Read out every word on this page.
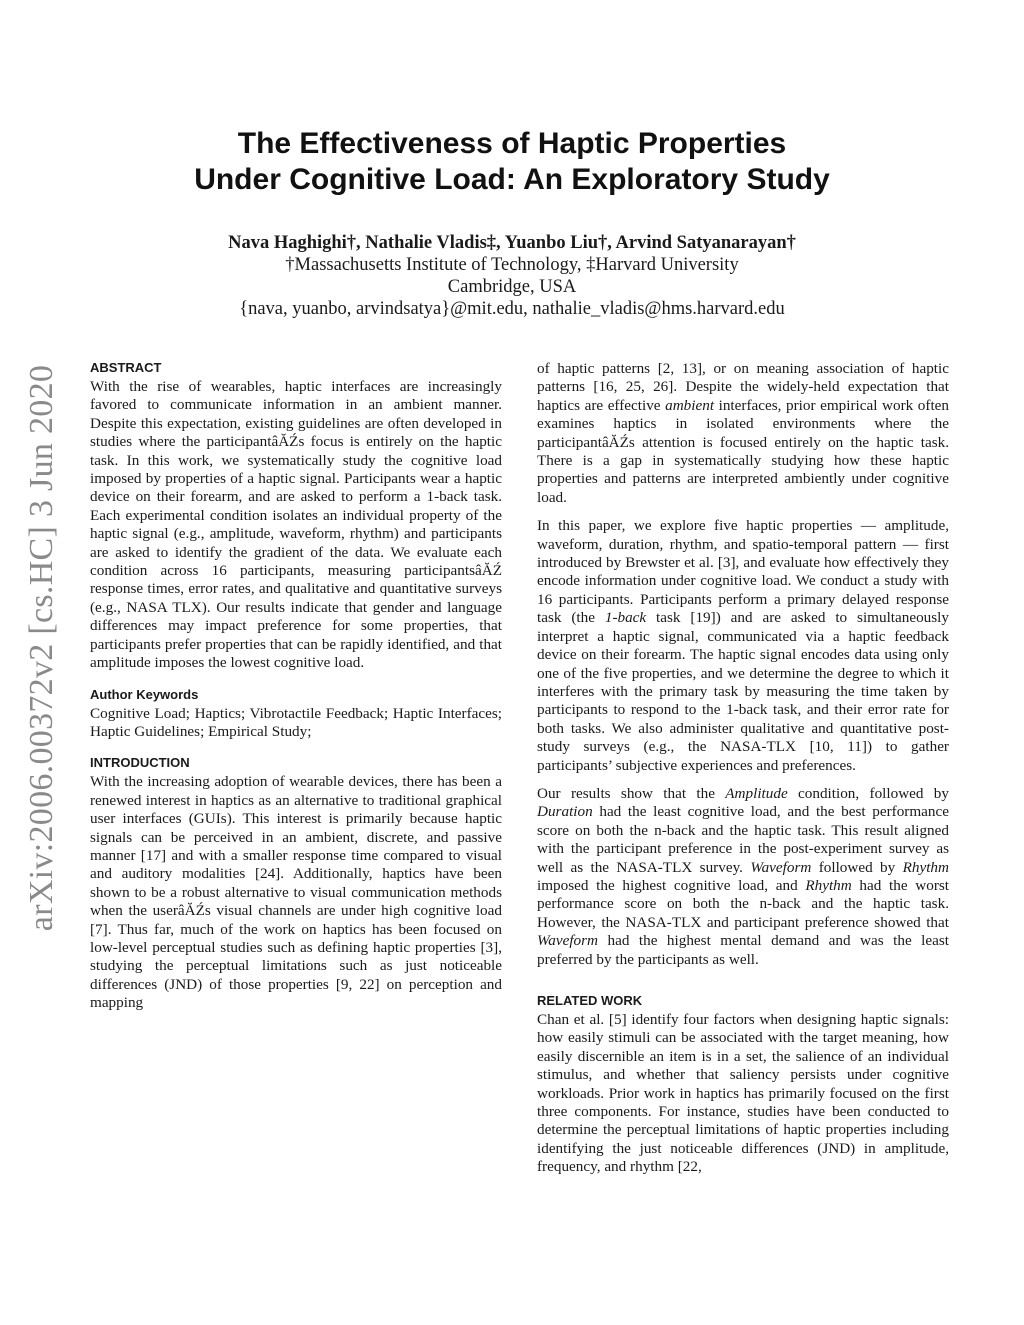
arXiv:2006.00372v2 [cs.HC] 3 Jun 2020
The Effectiveness of Haptic Properties
Under Cognitive Load: An Exploratory Study
Nava Haghighi†, Nathalie Vladis‡, Yuanbo Liu†, Arvind Satyanarayan†
†Massachusetts Institute of Technology, ‡Harvard University
Cambridge, USA
{nava, yuanbo, arvindsatya}@mit.edu, nathalie_vladis@hms.harvard.edu
ABSTRACT

With the rise of wearables, haptic interfaces are increasingly favored to communicate information in an ambient manner. Despite this expectation, existing guidelines are often developed in studies where the participantâĂŹs focus is entirely on the haptic task. In this work, we systematically study the cognitive load imposed by properties of a haptic signal. Participants wear a haptic device on their forearm, and are asked to perform a 1-back task. Each experimental condition isolates an individual property of the haptic signal (e.g., amplitude, waveform, rhythm) and participants are asked to identify the gradient of the data. We evaluate each condition across 16 participants, measuring participantsâĂŹ response times, error rates, and qualitative and quantitative surveys (e.g., NASA TLX). Our results indicate that gender and language differences may impact preference for some properties, that participants prefer properties that can be rapidly identified, and that amplitude imposes the lowest cognitive load.

Author Keywords

Cognitive Load; Haptics; Vibrotactile Feedback; Haptic Interfaces; Haptic Guidelines; Empirical Study;

INTRODUCTION

With the increasing adoption of wearable devices, there has been a renewed interest in haptics as an alternative to traditional graphical user interfaces (GUIs). This interest is primarily because haptic signals can be perceived in an ambient, discrete, and passive manner [17] and with a smaller response time compared to visual and auditory modalities [24]. Additionally, haptics have been shown to be a robust alternative to visual communication methods when the userâĂŹs visual channels are under high cognitive load [7]. Thus far, much of the work on haptics has been focused on low-level perceptual studies such as defining haptic properties [3], studying the perceptual limitations such as just noticeable differences (JND) of those properties [9, 22] on perception and mapping

of haptic patterns [2, 13], or on meaning association of haptic patterns [16, 25, 26]. Despite the widely-held expectation that haptics are effective ambient interfaces, prior empirical work often examines haptics in isolated environments where the participantâĂŹs attention is focused entirely on the haptic task. There is a gap in systematically studying how these haptic properties and patterns are interpreted ambiently under cognitive load.

In this paper, we explore five haptic properties — amplitude, waveform, duration, rhythm, and spatio-temporal pattern — first introduced by Brewster et al. [3], and evaluate how effectively they encode information under cognitive load. We conduct a study with 16 participants. Participants perform a primary delayed response task (the 1-back task [19]) and are asked to simultaneously interpret a haptic signal, communicated via a haptic feedback device on their forearm. The haptic signal encodes data using only one of the five properties, and we determine the degree to which it interferes with the primary task by measuring the time taken by participants to respond to the 1-back task, and their error rate for both tasks. We also administer qualitative and quantitative post-study surveys (e.g., the NASA-TLX [10, 11]) to gather participants’ subjective experiences and preferences.

Our results show that the Amplitude condition, followed by Duration had the least cognitive load, and the best performance score on both the n-back and the haptic task. This result aligned with the participant preference in the post-experiment survey as well as the NASA-TLX survey. Waveform followed by Rhythm imposed the highest cognitive load, and Rhythm had the worst performance score on both the n-back and the haptic task. However, the NASA-TLX and participant preference showed that Waveform had the highest mental demand and was the least preferred by the participants as well.

RELATED WORK

Chan et al. [5] identify four factors when designing haptic signals: how easily stimuli can be associated with the target meaning, how easily discernible an item is in a set, the salience of an individual stimulus, and whether that saliency persists under cognitive workloads. Prior work in haptics has primarily focused on the first three components. For instance, studies have been conducted to determine the perceptual limitations of haptic properties including identifying the just noticeable differences (JND) in amplitude, frequency, and rhythm [22,
